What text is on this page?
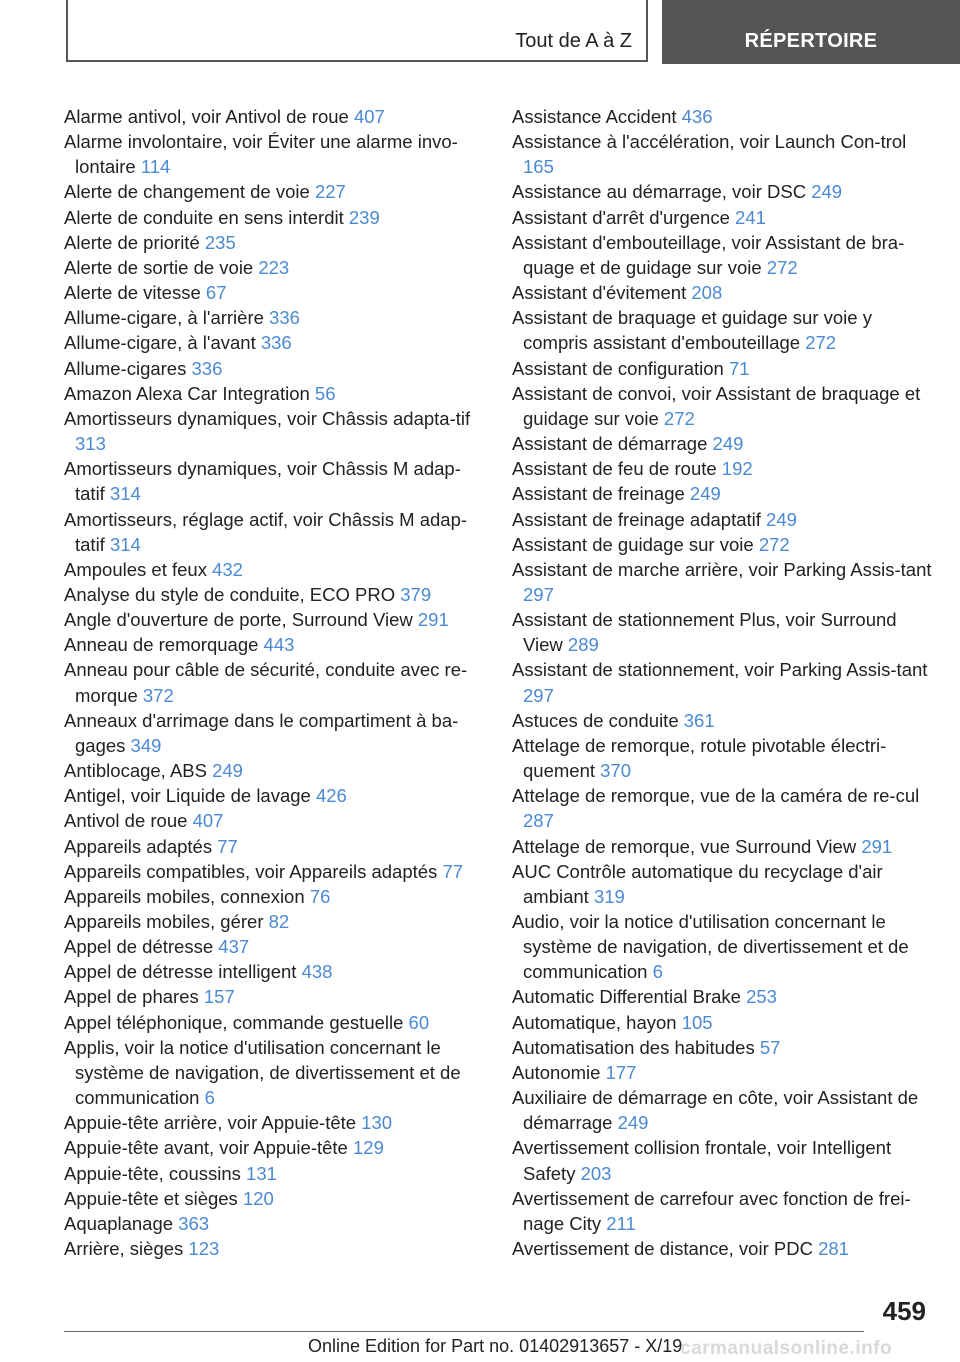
Tout de A à Z	RÉPERTOIRE
Alarme antivol, voir Antivol de roue 407
Alarme involontaire, voir Éviter une alarme invo-lontaire 114
Alerte de changement de voie 227
Alerte de conduite en sens interdit 239
Alerte de priorité 235
Alerte de sortie de voie 223
Alerte de vitesse 67
Allume-cigare, à l'arrière 336
Allume-cigare, à l'avant 336
Allume-cigares 336
Amazon Alexa Car Integration 56
Amortisseurs dynamiques, voir Châssis adapta-tif 313
Amortisseurs dynamiques, voir Châssis M adap-tatif 314
Amortisseurs, réglage actif, voir Châssis M adap-tatif 314
Ampoules et feux 432
Analyse du style de conduite, ECO PRO 379
Angle d'ouverture de porte, Surround View 291
Anneau de remorquage 443
Anneau pour câble de sécurité, conduite avec re-morque 372
Anneaux d'arrimage dans le compartiment à ba-gages 349
Antiblocage, ABS 249
Antigel, voir Liquide de lavage 426
Antivol de roue 407
Appareils adaptés 77
Appareils compatibles, voir Appareils adaptés 77
Appareils mobiles, connexion 76
Appareils mobiles, gérer 82
Appel de détresse 437
Appel de détresse intelligent 438
Appel de phares 157
Appel téléphonique, commande gestuelle 60
Applis, voir la notice d'utilisation concernant le système de navigation, de divertissement et de communication 6
Appuie-tête arrière, voir Appuie-tête 130
Appuie-tête avant, voir Appuie-tête 129
Appuie-tête, coussins 131
Appuie-tête et sièges 120
Aquaplanage 363
Arrière, sièges 123
Assistance Accident 436
Assistance à l'accélération, voir Launch Con-trol 165
Assistance au démarrage, voir DSC 249
Assistant d'arrêt d'urgence 241
Assistant d'embouteillage, voir Assistant de bra-quage et de guidage sur voie 272
Assistant d'évitement 208
Assistant de braquage et guidage sur voie y compris assistant d'embouteillage 272
Assistant de configuration 71
Assistant de convoi, voir Assistant de braquage et guidage sur voie 272
Assistant de démarrage 249
Assistant de feu de route 192
Assistant de freinage 249
Assistant de freinage adaptatif 249
Assistant de guidage sur voie 272
Assistant de marche arrière, voir Parking Assis-tant 297
Assistant de stationnement Plus, voir Surround View 289
Assistant de stationnement, voir Parking Assis-tant 297
Astuces de conduite 361
Attelage de remorque, rotule pivotable électri-quement 370
Attelage de remorque, vue de la caméra de re-cul 287
Attelage de remorque, vue Surround View 291
AUC Contrôle automatique du recyclage d'air ambiant 319
Audio, voir la notice d'utilisation concernant le système de navigation, de divertissement et de communication 6
Automatic Differential Brake 253
Automatique, hayon 105
Automatisation des habitudes 57
Autonomie 177
Auxiliaire de démarrage en côte, voir Assistant de démarrage 249
Avertissement collision frontale, voir Intelligent Safety 203
Avertissement de carrefour avec fonction de frei-nage City 211
Avertissement de distance, voir PDC 281
459
Online Edition for Part no. 01402913657 - X/19
carmanualsonline.info
